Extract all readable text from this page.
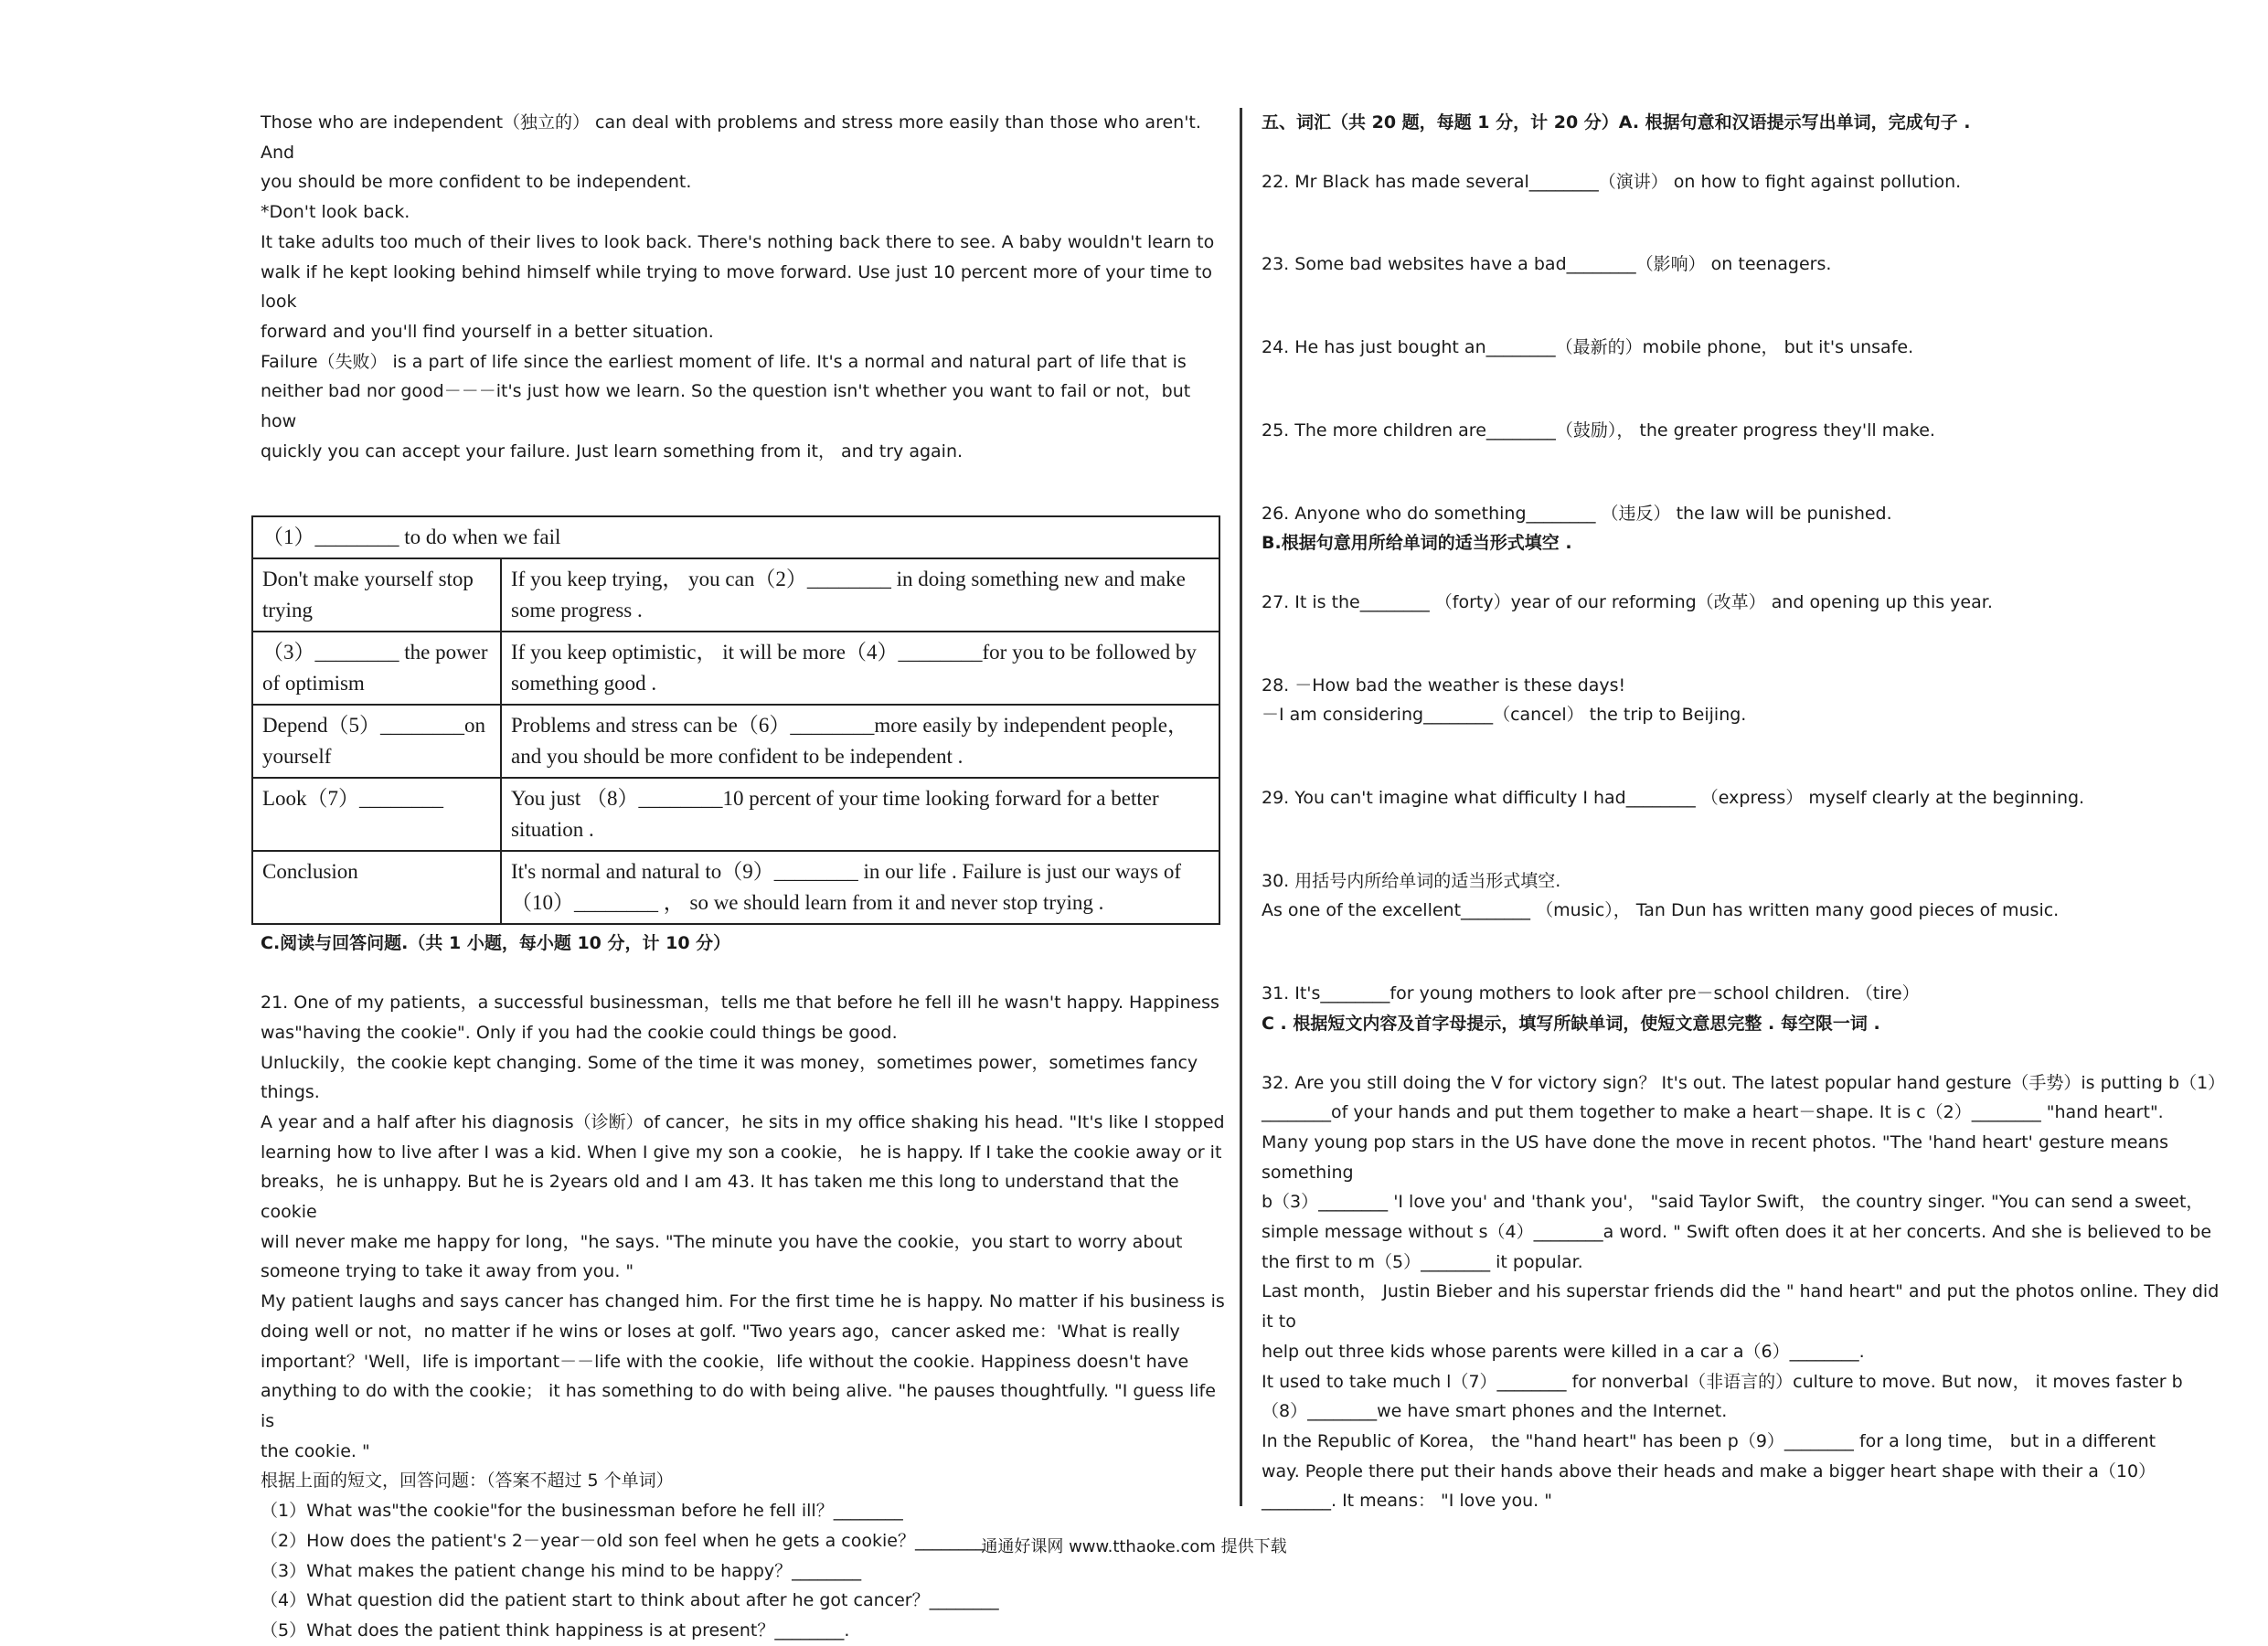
Those who are independent（独立的） can deal with problems and stress more easily than those who aren't. And

you should be more confident to be independent.

*Don't look back.

It take adults too much of their lives to look back. There's nothing back there to see. A baby wouldn't learn to

walk if he kept looking behind himself while trying to move forward. Use just 10 percent more of your time to look

forward and you'll find yourself in a better situation.

Failure（失败） is a part of life since the earliest moment of life. It's a normal and natural part of life that is

neither bad nor good－－－it's just how we learn. So the question isn't whether you want to fail or not，but how

quickly you can accept your failure. Just learn something from it， and try again.

（1）________ to do when we fail	
Don't make yourself stop trying	If you keep trying， you can（2）________ in doing something new and make some progress .
（3）________ the power of optimism	If you keep optimistic， it will be more（4）________for you to be followed by something good .
Depend（5）________on yourself	Problems and stress can be（6）________more easily by independent people，and you should be more confident to be independent .
Look（7）________	You just （8）________10 percent of your time looking forward for a better situation .
Conclusion	It's normal and natural to（9）________ in our life . Failure is just our ways of（10）________ ， so we should learn from it and never stop trying .

C.阅读与回答问题.（共 1 小题，每小题 10 分，计 10 分）

21. One of my patients，a successful businessman，tells me that before he fell ill he wasn't happy. Happiness

was"having the cookie". Only if you had the cookie could things be good.

Unluckily，the cookie kept changing. Some of the time it was money，sometimes power，sometimes fancy

things.

A year and a half after his diagnosis（诊断）of cancer，he sits in my office shaking his head. "It's like I stopped

learning how to live after I was a kid. When I give my son a cookie， he is happy. If I take the cookie away or it

breaks，he is unhappy. But he is 2years old and I am 43. It has taken me this long to understand that the cookie

will never make me happy for long，"he says. "The minute you have the cookie，you start to worry about

someone trying to take it away from you. "

My patient laughs and says cancer has changed him. For the first time he is happy. No matter if his business is

doing well or not，no matter if he wins or loses at golf. "Two years ago，cancer asked me：'What is really

important？'Well，life is important－－life with the cookie，life without the cookie. Happiness doesn't have

anything to do with the cookie； it has something to do with being alive. "he pauses thoughtfully. "I guess life is

the cookie. "

根据上面的短文，回答问题：（答案不超过 5 个单词）

（1）What was"the cookie"for the businessman before he fell ill？________

（2）How does the patient's 2－year－old son feel when he gets a cookie？________

（3）What makes the patient change his mind to be happy？________

（4）What question did the patient start to think about after he got cancer？________

（5）What does the patient think happiness is at present？________.

五、词汇（共 20 题，每题 1 分，计 20 分）A. 根据句意和汉语提示写出单词，完成句子 .

22. Mr Black has made several________（演讲） on how to fight against pollution.

23. Some bad websites have a bad________（影响） on teenagers.

24. He has just bought an________（最新的）mobile phone， but it's unsafe.

25. The more children are________（鼓励）， the greater progress they'll make.

26. Anyone who do something________ （违反） the law will be punished.

B.根据句意用所给单词的适当形式填空 .

27. It is the________ （forty）year of our reforming（改革） and opening up this year.

28. －How bad the weather is these days!

－I am considering________（cancel） the trip to Beijing.

29. You can't imagine what difficulty I had________ （express） myself clearly at the beginning.

30. 用括号内所给单词的适当形式填空.

As one of the excellent________ （music）， Tan Dun has written many good pieces of music.

31. It's________for young mothers to look after pre－school children. （tire）

C . 根据短文内容及首字母提示，填写所缺单词，使短文意思完整 . 每空限一词 .

32. Are you still doing the V for victory sign？ It's out. The latest popular hand gesture（手势）is putting b（1）

________of your hands and put them together to make a heart－shape. It is c（2）________ "hand heart".

Many young pop stars in the US have done the move in recent photos. "The 'hand heart' gesture means something

b（3）________ 'I love you' and 'thank you'， "said Taylor Swift， the country singer. "You can send a sweet，

simple message without s（4）________a word. " Swift often does it at her concerts. And she is believed to be

the first to m（5）________ it popular.

Last month， Justin Bieber and his superstar friends did the " hand heart" and put the photos online. They did it to

help out three kids whose parents were killed in a car a（6）________.

It used to take much l（7）________ for nonverbal（非语言的）culture to move. But now， it moves faster b

（8）________we have smart phones and the Internet.

In the Republic of Korea， the "hand heart" has been p（9）________ for a long time， but in a different

way. People there put their hands above their heads and make a bigger heart shape with their a（10）

________. It means： "I love you. "

通通好课网 www.tthaoke.com 提供下载
